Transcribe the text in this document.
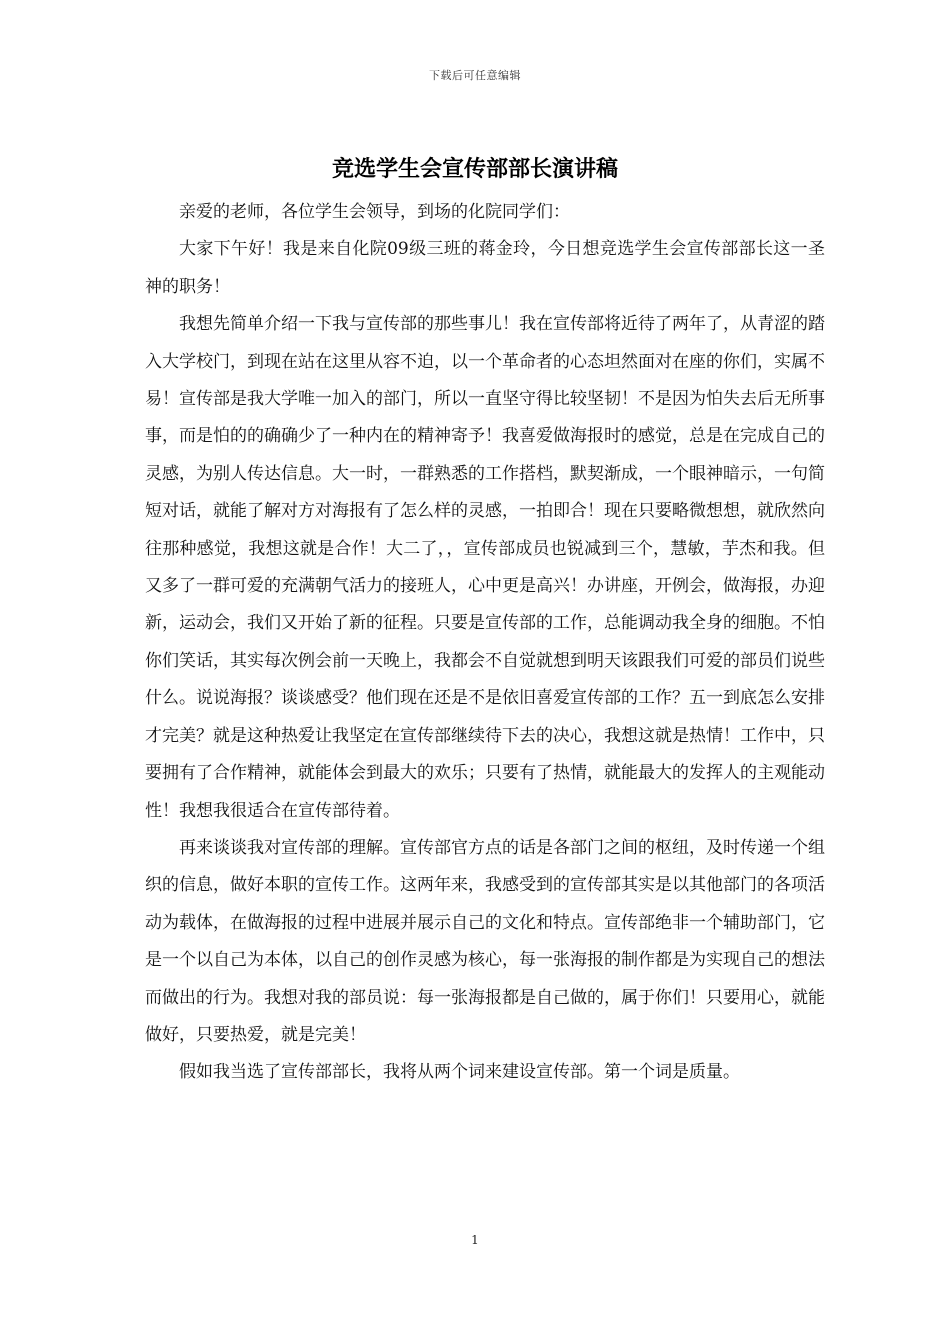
下载后可任意编辑
竞选学生会宣传部部长演讲稿

亲爱的老师，各位学生会领导，到场的化院同学们：

大家下午好！我是来自化院09级三班的蒋金玲，今日想竞选学生会宣传部部长这一圣神的职务！

我想先简单介绍一下我与宣传部的那些事儿！我在宣传部将近待了两年了，从青涩的踏入大学校门，到现在站在这里从容不迫，以一个革命者的心态坦然面对在座的你们，实属不易！宣传部是我大学唯一加入的部门，所以一直坚守得比较坚韧！不是因为怕失去后无所事事，而是怕的的确确少了一种内在的精神寄予！我喜爱做海报时的感觉，总是在完成自己的灵感，为别人传达信息。大一时，一群熟悉的工作搭档，默契渐成，一个眼神暗示，一句简短对话，就能了解对方对海报有了怎么样的灵感，一拍即合！现在只要略微想想，就欣然向往那种感觉，我想这就是合作！大二了，，宣传部成员也锐减到三个，慧敏，芋杰和我。但又多了一群可爱的充满朝气活力的接班人，心中更是高兴！办讲座，开例会，做海报，办迎新，运动会，我们又开始了新的征程。只要是宣传部的工作，总能调动我全身的细胞。不怕你们笑话，其实每次例会前一天晚上，我都会不自觉就想到明天该跟我们可爱的部员们说些什么。说说海报？谈谈感受？他们现在还是不是依旧喜爱宣传部的工作？五一到底怎么安排才完美？就是这种热爱让我坚定在宣传部继续待下去的决心，我想这就是热情！工作中，只要拥有了合作精神，就能体会到最大的欢乐；只要有了热情，就能最大的发挥人的主观能动性！我想我很适合在宣传部待着。

再来谈谈我对宣传部的理解。宣传部官方点的话是各部门之间的枢纽，及时传递一个组织的信息，做好本职的宣传工作。这两年来，我感受到的宣传部其实是以其他部门的各项活动为载体，在做海报的过程中进展并展示自己的文化和特点。宣传部绝非一个辅助部门，它是一个以自己为本体，以自己的创作灵感为核心，每一张海报的制作都是为实现自己的想法而做出的行为。我想对我的部员说：每一张海报都是自己做的，属于你们！只要用心，就能做好，只要热爱，就是完美！

假如我当选了宣传部部长，我将从两个词来建设宣传部。第一个词是质量。

1
